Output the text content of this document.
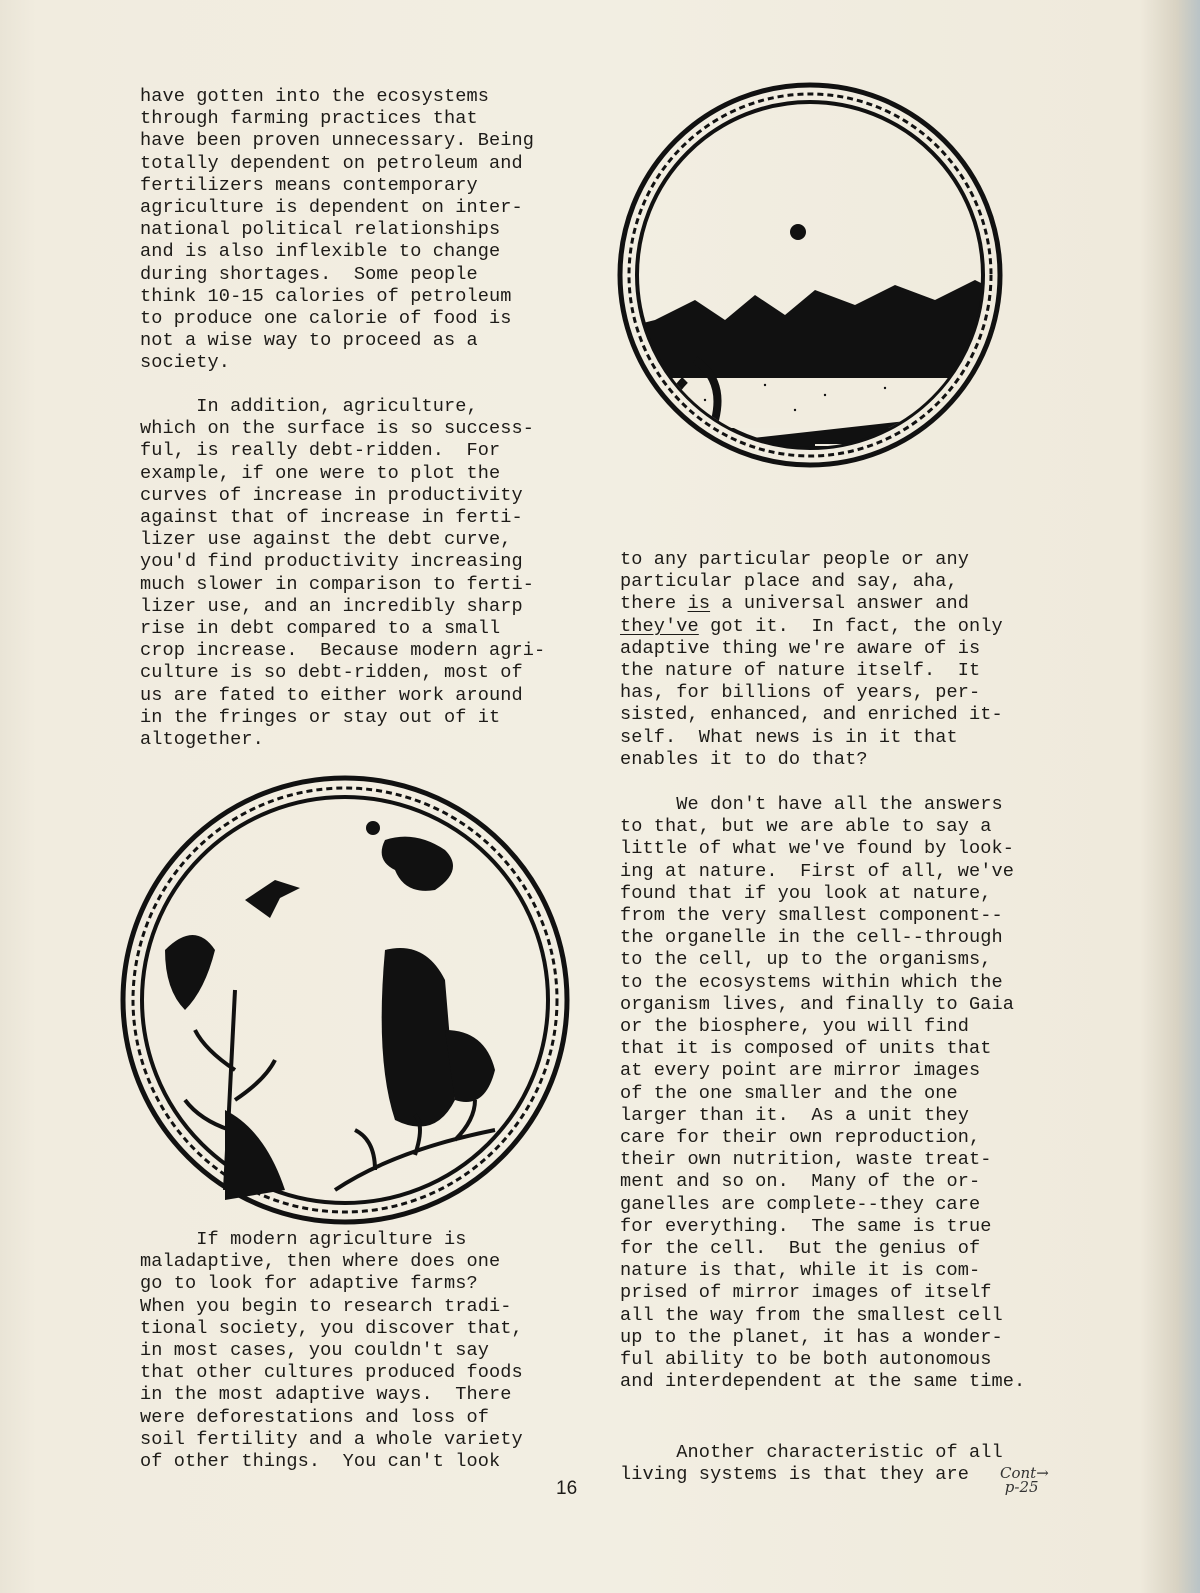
have gotten into the ecosystems
through farming practices that
have been proven unnecessary. Being
totally dependent on petroleum and
fertilizers means contemporary
agriculture is dependent on inter-
national political relationships
and is also inflexible to change
during shortages.  Some people
think 10-15 calories of petroleum
to produce one calorie of food is
not a wise way to proceed as a
society.
In addition, agriculture,
which on the surface is so success-
ful, is really debt-ridden.  For
example, if one were to plot the
curves of increase in productivity
against that of increase in ferti-
lizer use against the debt curve,
you'd find productivity increasing
much slower in comparison to ferti-
lizer use, and an incredibly sharp
rise in debt compared to a small
crop increase.  Because modern agri-
culture is so debt-ridden, most of
us are fated to either work around
in the fringes or stay out of it
altogether.
If modern agriculture is
maladaptive, then where does one
go to look for adaptive farms?
When you begin to research tradi-
tional society, you discover that,
in most cases, you couldn't say
that other cultures produced foods
in the most adaptive ways.  There
were deforestations and loss of
soil fertility and a whole variety
of other things.  You can't look
to any particular people or any
particular place and say, aha,
there is a universal answer and
they've got it.  In fact, the only
adaptive thing we're aware of is
the nature of nature itself.  It
has, for billions of years, per-
sisted, enhanced, and enriched it-
self.  What news is in it that
enables it to do that?
We don't have all the answers
to that, but we are able to say a
little of what we've found by look-
ing at nature.  First of all, we've
found that if you look at nature,
from the very smallest component--
the organelle in the cell--through
to the cell, up to the organisms,
to the ecosystems within which the
organism lives, and finally to Gaia
or the biosphere, you will find
that it is composed of units that
at every point are mirror images
of the one smaller and the one
larger than it.  As a unit they
care for their own reproduction,
their own nutrition, waste treat-
ment and so on.  Many of the or-
ganelles are complete--they care
for everything.  The same is true
for the cell.  But the genius of
nature is that, while it is com-
prised of mirror images of itself
all the way from the smallest cell
up to the planet, it has a wonder-
ful ability to be both autonomous
and interdependent at the same time.
Another characteristic of all
living systems is that they are	Cont→
p-25
16
